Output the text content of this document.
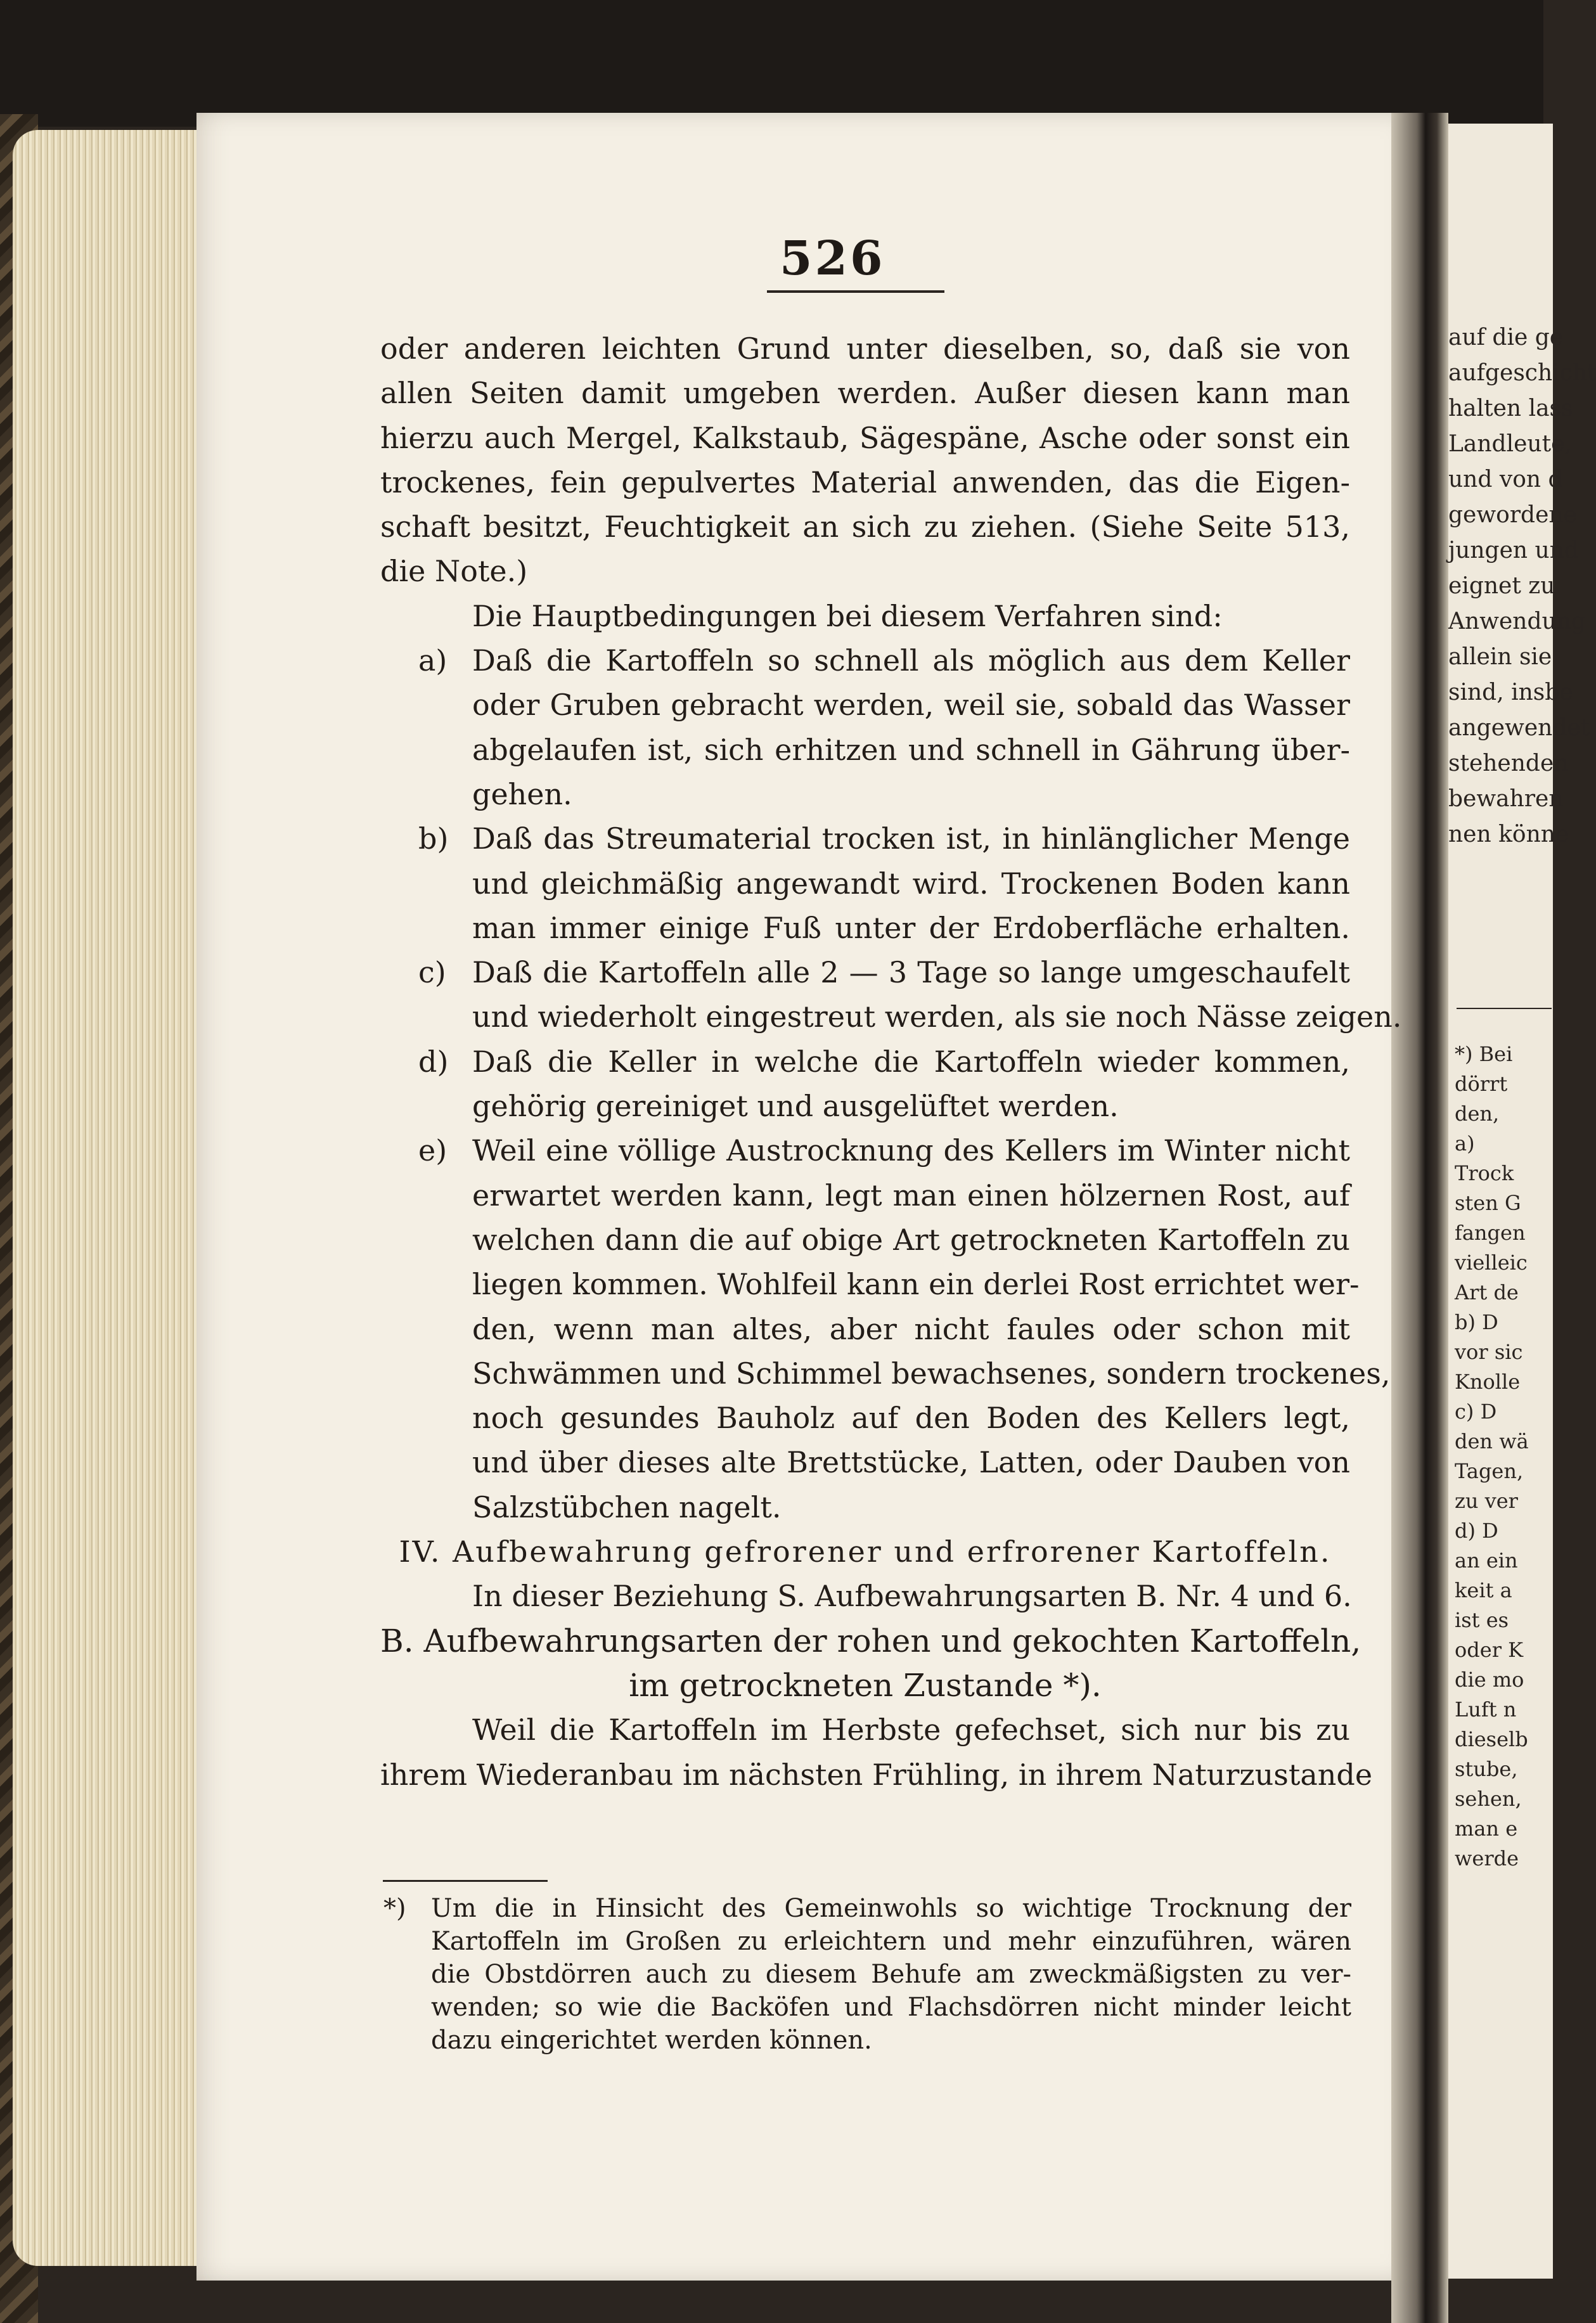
526
oder anderen leichten Grund unter dieselben, so, daß sie von
allen Seiten damit umgeben werden. Außer diesen kann man
hierzu auch Mergel, Kalkstaub, Sägespäne, Asche oder sonst ein
trockenes, fein gepulvertes Material anwenden, das die Eigen-
schaft besitzt, Feuchtigkeit an sich zu ziehen. (Siehe Seite 513,
die Note.)
Die Hauptbedingungen bei diesem Verfahren sind:
a) Daß die Kartoffeln so schnell als möglich aus dem Keller
oder Gruben gebracht werden, weil sie, sobald das Wasser
abgelaufen ist, sich erhitzen und schnell in Gährung über-
gehen.
b) Daß das Streumaterial trocken ist, in hinlänglicher Menge
und gleichmäßig angewandt wird. Trockenen Boden kann
man immer einige Fuß unter der Erdoberfläche erhalten.
c) Daß die Kartoffeln alle 2 — 3 Tage so lange umgeschaufelt
und wiederholt eingestreut werden, als sie noch Nässe zeigen.
d) Daß die Keller in welche die Kartoffeln wieder kommen,
gehörig gereiniget und ausgelüftet werden.
e) Weil eine völlige Austrocknung des Kellers im Winter nicht
erwartet werden kann, legt man einen hölzernen Rost, auf
welchen dann die auf obige Art getrockneten Kartoffeln zu
liegen kommen. Wohlfeil kann ein derlei Rost errichtet wer-
den, wenn man altes, aber nicht faules oder schon mit
Schwämmen und Schimmel bewachsenes, sondern trockenes,
noch gesundes Bauholz auf den Boden des Kellers legt,
und über dieses alte Brettstücke, Latten, oder Dauben von
Salzstübchen nagelt.
IV. Aufbewahrung gefrorener und erfrorener Kartoffeln.
In dieser Beziehung S. Aufbewahrungsarten B. Nr. 4 und 6.
B. Aufbewahrungsarten der rohen und gekochten Kartoffeln,
im getrockneten Zustande *).
Weil die Kartoffeln im Herbste gefechset, sich nur bis zu
ihrem Wiederanbau im nächsten Frühling, in ihrem Naturzustande
*) Um die in Hinsicht des Gemeinwohls so wichtige Trocknung der
Kartoffeln im Großen zu erleichtern und mehr einzuführen, wären
die Obstdörren auch zu diesem Behufe am zweckmäßigsten zu ver-
wenden; so wie die Backöfen und Flachsdörren nicht minder leicht
dazu eingerichtet werden können.
auf die ge
aufgeschicht
halten lass
Landleute,
und von d
gewordene
jungen und
eignet zu
Anwendung
allein sie
sind, insbe
angewendet
stehenden
bewahren
nen könne
*) Bei
dörrt
den,
a)
Trock
sten G
fangen
vielleic
Art de
b) D
vor sic
Knolle
c) D
den wä
Tagen,
zu ver
d) D
an ein
keit a
ist es
oder K
die mo
Luft n
dieselb
stube,
sehen,
man e
werde
